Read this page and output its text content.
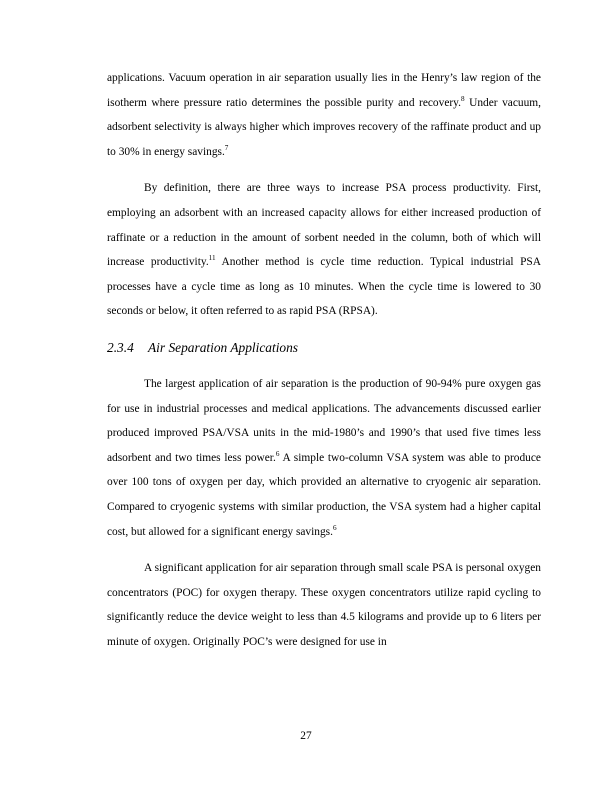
applications. Vacuum operation in air separation usually lies in the Henry’s law region of the isotherm where pressure ratio determines the possible purity and recovery.$^8$ Under vacuum, adsorbent selectivity is always higher which improves recovery of the raffinate product and up to 30% in energy savings.$^7$

By definition, there are three ways to increase PSA process productivity. First, employing an adsorbent with an increased capacity allows for either increased production of raffinate or a reduction in the amount of sorbent needed in the column, both of which will increase productivity.$^{11}$ Another method is cycle time reduction. Typical industrial PSA processes have a cycle time as long as 10 minutes. When the cycle time is lowered to 30 seconds or below, it often referred to as rapid PSA (RPSA).

2.3.4 Air Separation Applications

The largest application of air separation is the production of 90-94% pure oxygen gas for use in industrial processes and medical applications. The advancements discussed earlier produced improved PSA/VSA units in the mid-1980’s and 1990’s that used five times less adsorbent and two times less power.$^6$ A simple two-column VSA system was able to produce over 100 tons of oxygen per day, which provided an alternative to cryogenic air separation. Compared to cryogenic systems with similar production, the VSA system had a higher capital cost, but allowed for a significant energy savings.$^6$

A significant application for air separation through small scale PSA is personal oxygen concentrators (POC) for oxygen therapy. These oxygen concentrators utilize rapid cycling to significantly reduce the device weight to less than 4.5 kilograms and provide up to 6 liters per minute of oxygen. Originally POC’s were designed for use in

27
